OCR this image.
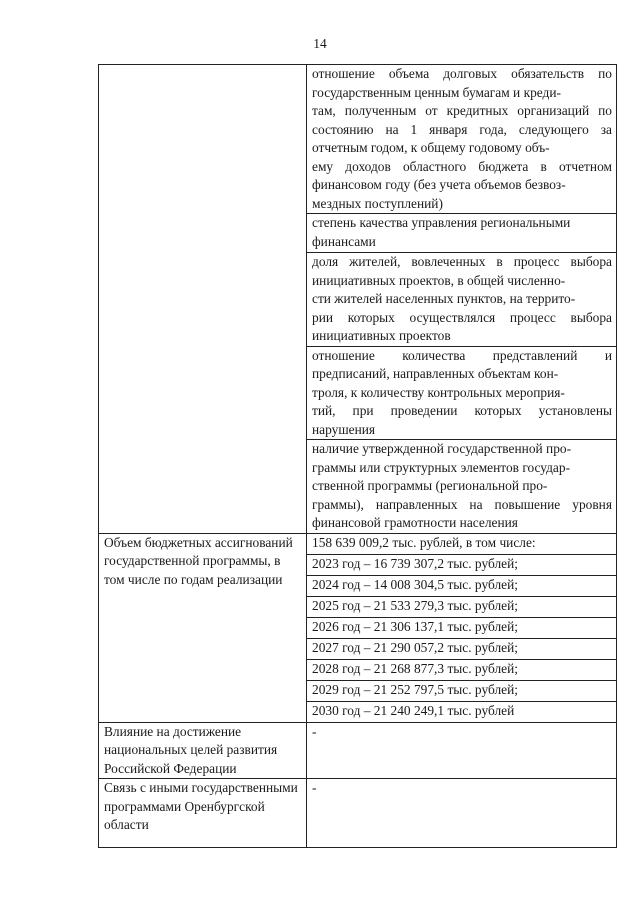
14
	отношение объема долговых обязательств по государственным ценным бумагам и креди-
там, полученным от кредитных организаций по состоянию на 1 января года, следующего за отчетным годом, к общему годовому объ-
ему доходов областного бюджета в отчетном финансовом году (без учета объемов безвоз-
мездных поступлений)
	степень качества управления региональными финансами
	доля жителей, вовлеченных в процесс выбора инициативных проектов, в общей численно-
сти жителей населенных пунктов, на террито-
рии которых осуществлялся процесс выбора инициативных проектов
	отношение количества представлений и предписаний, направленных объектам кон-
троля, к количеству контрольных мероприя-
тий, при проведении которых установлены нарушения
	наличие утвержденной государственной про-
граммы или структурных элементов государ-
ственной программы (региональной про-
граммы), направленных на повышение уровня финансовой грамотности населения
Объем бюджетных ассигнований государственной программы, в том числе по годам реализации	158 639 009,2 тыс. рублей, в том числе:
	2023 год – 16 739 307,2 тыс. рублей;
	2024 год – 14 008 304,5 тыс. рублей;
	2025 год – 21 533 279,3 тыс. рублей;
	2026 год – 21 306 137,1 тыс. рублей;
	2027 год – 21 290 057,2 тыс. рублей;
	2028 год – 21 268 877,3 тыс. рублей;
	2029 год – 21 252 797,5 тыс. рублей;
	2030 год – 21 240 249,1 тыс. рублей
Влияние на достижение национальных целей развития Российской Федерации	-
Связь с иными государственными программами Оренбургской области	-
